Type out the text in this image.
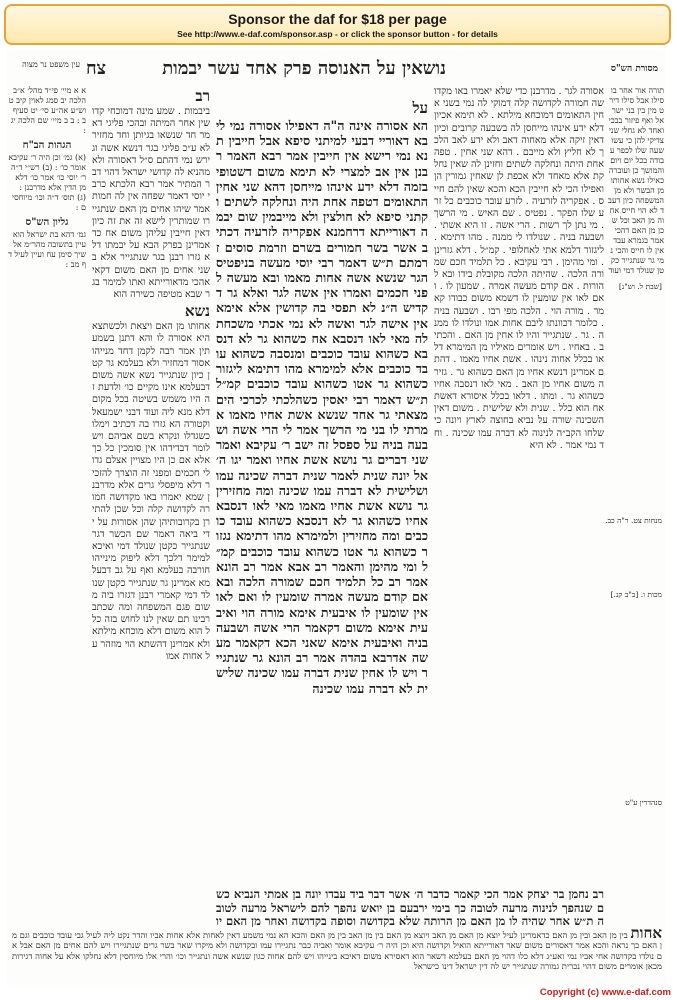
Sponsor the daf for $18 per page
See http://www.e-daf.com/sponsor.asp - or click the sponsor button - for details
מסורת הש"ס
נושאין על האנוסה פרק אחד עשר יבמות
צח
עין משפט נר מצוה
[שבת ל. וש"נ]
מנחות צט. ר"ה כב.
מכות ו. [ב"ב קנ.]
סנהדרין ע"ט
אסורה לגר . מדרבנן כדי שלא יאמרו באו מקדושה חמורה לקדושה קלה דמוקי לה נמי בשני אחין התאומים דמוכחא מילתא . לא תימא אכיון דלא ידע אינהו מייחסן לה בשבעה קרובים וכיון דאין זיקה אלא מאחוה דאב ולא ידע לאב הלכך לא חליץ ולא מייבם . דהא שני אחין . טפה אחת היתה ונחלקה לשתים וחזינן לה שאין נחלקת אלא מאחד ולא אכפת לן שאחין גמורין הן ואפילו הכי לא חייבין הכא והכא שאין להם חייס . אפקריה לזרעיה . לזרע עובד כוכבים כל זרע שלו הפקר . נפטיס . שם האיש . מי הרשך . מי נתן לך רשות . הרי אשה . זו היא אשתי . ושבעה בניה . שנולדו לי ממנה . מהו דתימא . ליגזור דלמא אתי לאחלופי . קמ״ל . דלא גזרינן . ומי מהימן . רבי עקיבא . כל תלמיד חכם שמורה הלכה . שהיתה הלכה מקובלת בידו ובא להורות . אם קודם מעשה אמרה . שמעון לו . ואם לאו אין שומעין לו דשמא משום כבודו קאמר . מורה הוי . הלכה מפי רבו . ושבעה בניה . כלומר דכוונתו ליבם אחות אמו ונולדו לו ממנה . גר . שנתגייר והיו לו אחין מן האם . והכתיב . באחיו . ויש אומרים מאיליו מן המימרא דלאו בכלל אחוה נינהו . אשת אחיו מאמו . דהתם אמרינן דנשא אחיו מן האם כשהוא גר . גזירה משום אחיו מן האב . מאי לאו דנסבה אחיו כשהוא גר . ומתו . דלאו בכלל איסורא דאשת אח הוא כלל . שנית ולא שלישית . משום דאין השכינה שורה על נביא בחוצה לארץ ויונה כי שלחו הקב״ה לנינוה לא דברה עמו שכינה . וחד נמי אמר . לא היא
תורה אור אחר בו סילו אבל סילו דירט מין בין בני ישראל ואף פיזור בבכי ואחד לא גחלי שני צדיקי להן כי עשו שעה שלו לכפר עבודה בכל יום ויום והמושך כן ועוברה כאילו נשא אחותו מן הבשר ולא מן המשפחה כיון דעבד לא הוי חייס אחוה מן האב וכל שכן מן האם דהכי אמר בגמרא עבד אין לו חייס והכי נמי גר שנתגייר כקטן שנולד דמי ועוד
על
הא אסורה אינה ה"ה דאפילו אסורה נמי ליבא דאוריי דבעי למיתני סיפא אבל חייבין תנא נמי רישא אין חייבין אמר רבא האמר רבנן אין אב למצרי לא תימא משום דשטופי בזמה דלא ידע אינהו מייחסן דהא שני אחין התאומים דטפה אחת היה ונחלקה לשתים וקתני סיפא לא חולצין ולא מייבמין שום יבמה דאורייתא דרחמנא אפקריה לזרעיה דכתיב אשר בשר חמורים בשרם וזרמת סוסים זרמתם ת״ש דאמר רבי יוסי מעשה בניפטיס הגר שנשא אשה אחות מאמו ובא מעשה לפני חכמים ואמרו אין אשה לגר ואלא גר דקדיש ה״נ לא תפסי בה קדושין אלא אימא אין אישה לגר ואשה לא נמי אכתי משכחת לה מאי לאו דנסבא אח כשהוא גר לא דנסבא כשהוא עובד כוכבים ומנסבה כשהוא עובד כוכבים אלא למימרא מהו דתימא ליגזור כשהוא גר אטו כשהוא עובד כוכבים קמ״ל ת״ש דאמר רבי יאסין כשהלכתי לכרכי הים מצאתי גר אחד שנשא אשת אחיו מאמו אמרתי לו בני מי הרשך אמר לי הרי אשה ושבעה בניה על ספסל זה ישב ר׳ עקיבא ואמר שני דברים גר נושא אשת אחיו ואמר יגו ה׳ אל יונה שנית לאמר שנית דברה שכינה עמו ושלישית לא דברה עמו שכינה ומה מחזירין גר נושא אשת אחיו מאמו מאי לאו דנסבא אחיו כשהוא גר לא דנסבא כשהוא עובד כוכבים ומה מחזירין ולמימרא מהו דתימא נגזור כשהוא גר אטו כשהוא עובד כוכבים קמ״ל ומי מהימן והאמר רב אבא אמר רב הונא אמר רב כל תלמיד חכם שמורה הלכה ובא אם קודם מעשה אמרה שומעין לו ואם לאו אין שומעין לו איבעית אימא מורה הוי ואיבעית אימא משום דקאמר הרי אשה ושבעה בניה ואיבעית אימא שאני הכא דקאמר מעשה אדרבא בהדה אמר רב הונא גר שנתגייר ויש לו אחין שנית דברה עמו שכינה שלישית לא דברה עמו שכינה
רב
ביבמות . שמע מינה דמוכחי קדושין אחר המיתה ובהכי פליגי דאמר חד שנשאו בגיותן וחד מחזיר לא ע״כ פליגי בגר דנשא אשה וגירש נמי דהתם ס״ל דאסורה ולא מהניא לה קדושי ישראל דהוי דבר המתיר אמר רבא הלכתא כרבי יוסי דאמר שפחה אין לה חמות אמר שיהו אחים מן האם שנתגיירו שמותרין לישא זה את זה כיון דאין חייבין עליהן משום אח כדאמרינן בפרק הבא על יבמתו דלא גזרו רבנן בגר שנתגייר אלא בשני אחים מן האם משום דקאי אהכי מדאורייתא ואתו למימר בגר שבא מטיפה כשירה הוא
נשא
אחותו מן האם ויצאת ולכשתצא היא אסורה לו והא דתנן בשמעתין אמר רבה לקמן דחד מנייהו אסור דמחזיר ולא בעלמא גר קטן כיון שנתגייר נשא אשה משום דבעלמא אינו מקיים כו׳ ולדעת זה היו משמש בשיטה בכל מקום דלא מנא ליה ועוד דבני ישמעאל וקטורה הא גזרו בה דכתיב וימלו כשגדלו ונקרא בשם אביהם ויש לומר דבדידהו אין סומכין כל כך אלא אם כן היו מצויין אצלם גדולי חכמים ומפני זה הוצרך להזכיר דלא מיפסלי גרים אלא מדרבנן שמא יאמרו באו מקדושה חמורה לקדושה קלה וכל שכן להתירן בקרובותיהן שהן אסורות על ידי ביאה דאמר שם הכשר דגר שנתגייר כקטן שנולד דמי ואיכא למימר דלכך דלא ליפוק מינייהו חורבה בעלמא ואף על גב דבעלמא אמרינן גר שנתגייר כקטן שנולד דמי קאמרי רבנן דגזרו ביה משום פגם המשפחה ומה שכתב רבינו תם שאין לנו לחוש בזה כלל הוא משום דלא מוכחא מילתא ולא אמרינן דהשתא הוי מוזהר על אחות אמו
א א מיי׳ פי״ד מהל׳ א״ב הלכה יב סמג לאוין קיב טוש״ע אה״ע סי׳ יט סעיף ב : ב ב מיי׳ שם הלכה יג :
הגהות הב"ח
(א) גמ׳ וכן היה ר׳ עקיבא אומר כו׳ : (ב) רש״י ד״ה ר׳ יוסי כו׳ אמר כו׳ דלא מן הדין אלא מדרבנן : (ג) תוס׳ ד״ה וכו׳ מיוחסים :
גליון הש"ס
גמ׳ דהא בת ישראל הוא עיין בתשובה מהר״מ אלשיך סימן עח ועיין לעיל דף מב :
רב נחמן בר יצחק אמר הכי קאמר כדבר ה׳ אשר דבר ביד עבדו יונה בן אמתי הנביא כשם שנהפך לנינוה מרעה לטובה כך בימי ירבעם בן יואש נהפך להם לישראל מרעה לטובה ת״ש אחר שהיה לו מן האם מן הרותה שלא בקדושה וסופה בקדושה ואחר מן האם יו
אחות בין מן האב ובין מן האם כדאמרינן לעיל יוצא מן האם מן האב ויוצא מן האם בין מן האב בין מן האם והכא הא נמי משמע דאין לאחות אלא אחות אביו והדר נקט ליה לעיל גבי עובד כוכבים וגם מן האם כך נראה והכא אמר דאסורים משום שאר דאורייתא הואיל וקדושה היא וכן היה ר׳ עקיבא אומר ואביה כבר נתגיירו עמו ובקדושה ולא מיקרו שאר בשר גרים שנתגיירו ויש להם אחים מן האם אבל אם נולדו בקדושה אחי אביו נמי ואע״ג דלא כלו דהוי מן האם בעלמא דשאר הוא דאסירא משום דאיכא בינייהו ויש להם אחוה כגון שנשא אשה ונתגייר וכו׳ והרי אלו מיוחסין דלא נחלקו אלא על אחוה דגירות מכאן אומרים משום דהוי נכרית גמורה שנתגייר יש לה דין ישראל דינו כישראל
Copyright (c) www.e-daf.com
